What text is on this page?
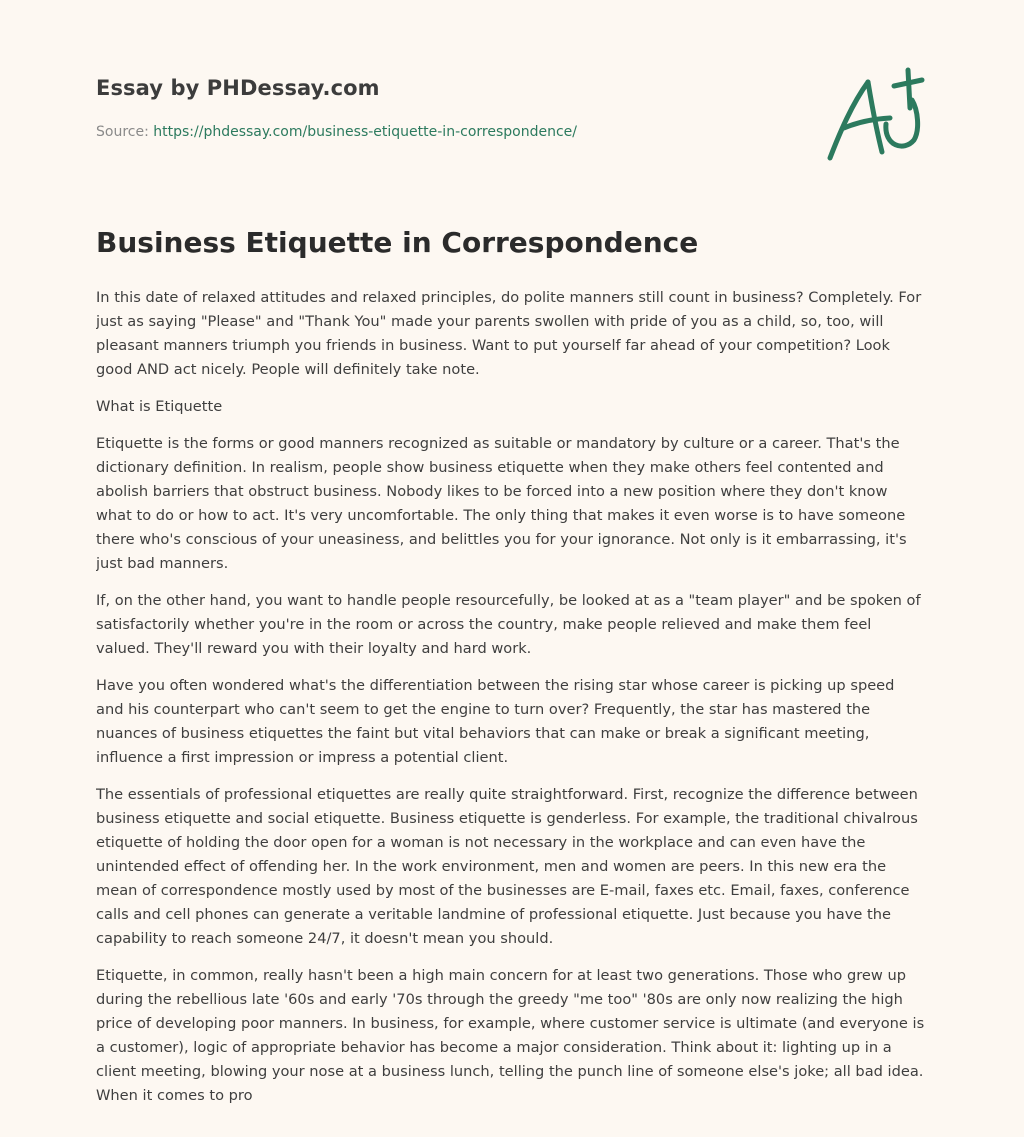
Essay by PHDessay.com
Source: https://phdessay.com/business-etiquette-in-correspondence/
Business Etiquette in Correspondence

In this date of relaxed attitudes and relaxed principles, do polite manners still count in business? Completely. For just as saying "Please" and "Thank You" made your parents swollen with pride of you as a child, so, too, will pleasant manners triumph you friends in business. Want to put yourself far ahead of your competition? Look good AND act nicely. People will definitely take note.

What is Etiquette

Etiquette is the forms or good manners recognized as suitable or mandatory by culture or a career. That's the dictionary definition. In realism, people show business etiquette when they make others feel contented and abolish barriers that obstruct business. Nobody likes to be forced into a new position where they don't know what to do or how to act. It's very uncomfortable. The only thing that makes it even worse is to have someone there who's conscious of your uneasiness, and belittles you for your ignorance. Not only is it embarrassing, it's just bad manners.

If, on the other hand, you want to handle people resourcefully, be looked at as a "team player" and be spoken of satisfactorily whether you're in the room or across the country, make people relieved and make them feel valued. They'll reward you with their loyalty and hard work.

Have you often wondered what's the differentiation between the rising star whose career is picking up speed and his counterpart who can't seem to get the engine to turn over? Frequently, the star has mastered the nuances of business etiquettes the faint but vital behaviors that can make or break a significant meeting, influence a first impression or impress a potential client.

The essentials of professional etiquettes are really quite straightforward. First, recognize the difference between business etiquette and social etiquette. Business etiquette is genderless. For example, the traditional chivalrous etiquette of holding the door open for a woman is not necessary in the workplace and can even have the unintended effect of offending her. In the work environment, men and women are peers. In this new era the mean of correspondence mostly used by most of the businesses are E-mail, faxes etc. Email, faxes, conference calls and cell phones can generate a veritable landmine of professional etiquette. Just because you have the capability to reach someone 24/7, it doesn't mean you should.

Etiquette, in common, really hasn't been a high main concern for at least two generations. Those who grew up during the rebellious late '60s and early '70s through the greedy "me too" '80s are only now realizing the high price of developing poor manners. In business, for example, where customer service is ultimate (and everyone is a customer), logic of appropriate behavior has become a major consideration. Think about it: lighting up in a client meeting, blowing your nose at a business lunch, telling the punch line of someone else's joke; all bad idea. When it comes to pro
